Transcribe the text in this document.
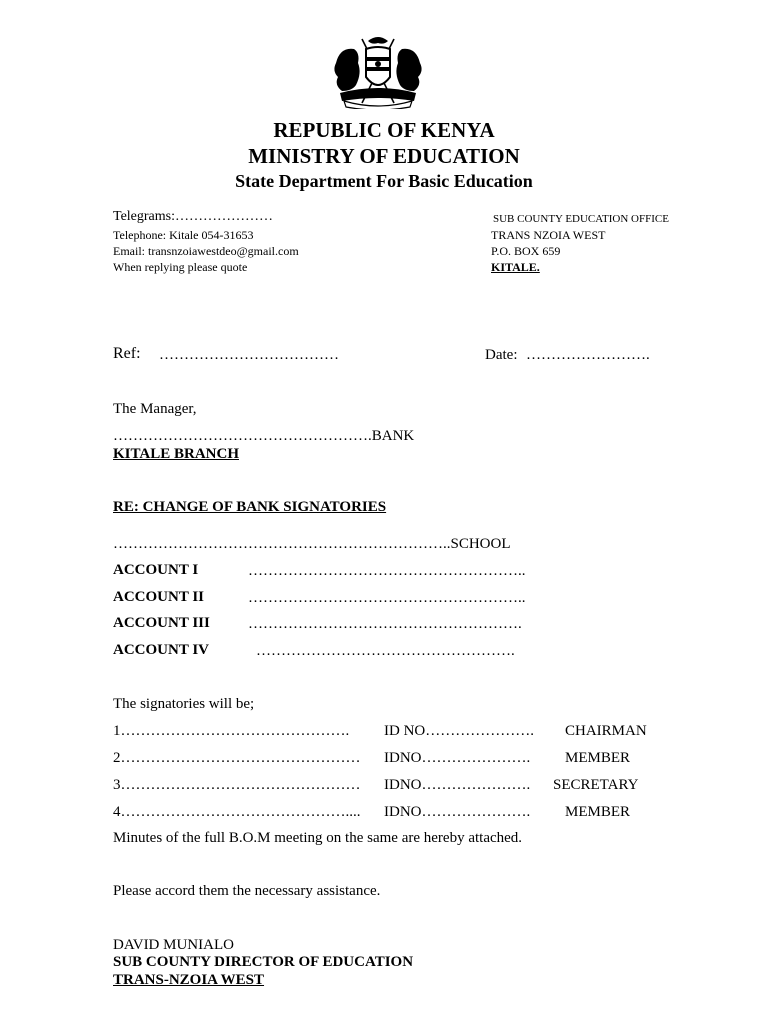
REPUBLIC OF KENYA
MINISTRY OF EDUCATION
State Department For Basic Education
Telegrams:…………………
Telephone: Kitale 054-31653
Email: transnzoiawestdeo@gmail.com
When replying please quote
SUB COUNTY EDUCATION OFFICE
TRANS NZOIA WEST
P.O. BOX 659
KITALE.
Ref: ………………………………	Date: …………………….
The Manager,
…………………………………………….BANK
KITALE BRANCH
RE: CHANGE OF BANK SIGNATORIES
…………………………………………………………..SCHOOL
ACCOUNT I	………………………………………………..
ACCOUNT II	………………………………………………..
ACCOUNT III	……………………………………………….
ACCOUNT IV	…………………………………………….
The signatories will be;
1………………………………………. ID NO…………………. CHAIRMAN
2………………………………………… IDNO…………………. MEMBER
3………………………………………… IDNO…………………. SECRETARY
4……………………………………….... IDNO…………………. MEMBER
Minutes of the full B.O.M meeting on the same are hereby attached.
Please accord them the necessary assistance.
DAVID MUNIALO
SUB COUNTY DIRECTOR OF EDUCATION
TRANS-NZOIA WEST
